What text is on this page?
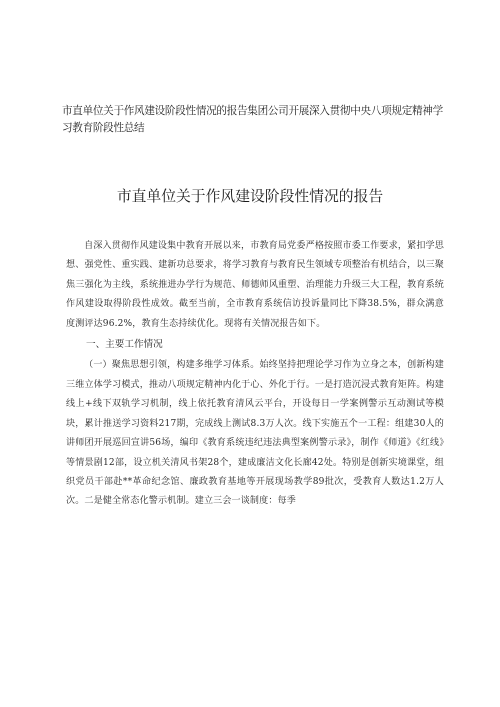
市直单位关于作风建设阶段性情况的报告集团公司开展深入贯彻中央八项规定精神学习教育阶段性总结
市直单位关于作风建设阶段性情况的报告

自深入贯彻作风建设集中教育开展以来，市教育局党委严格按照市委工作要求，紧扣学思想、强党性、重实践、建新功总要求，将学习教育与教育民生领域专项整治有机结合，以三聚焦三强化为主线，系统推进办学行为规范、师德师风重塑、治理能力升级三大工程，教育系统作风建设取得阶段性成效。截至当前，全市教育系统信访投诉量同比下降38.5%，群众满意度测评达96.2%，教育生态持续优化。现将有关情况报告如下。

一、主要工作情况

（一）聚焦思想引领，构建多维学习体系。始终坚持把理论学习作为立身之本，创新构建三维立体学习模式，推动八项规定精神内化于心、外化于行。一是打造沉浸式教育矩阵。构建线上+线下双轨学习机制，线上依托教育清风云平台，开设每日一学案例警示互动测试等模块，累计推送学习资料217期，完成线上测试8.3万人次。线下实施五个一工程：组建30人的讲师团开展巡回宣讲56场，编印《教育系统违纪违法典型案例警示录》，制作《师道》《红线》等情景剧12部，设立机关清风书架28个，建成廉洁文化长廊42处。特别是创新实境课堂，组织党员干部赴**革命纪念馆、廉政教育基地等开展现场教学89批次，受教育人数达1.2万人次。二是健全常态化警示机制。建立三会一谈制度：每季
